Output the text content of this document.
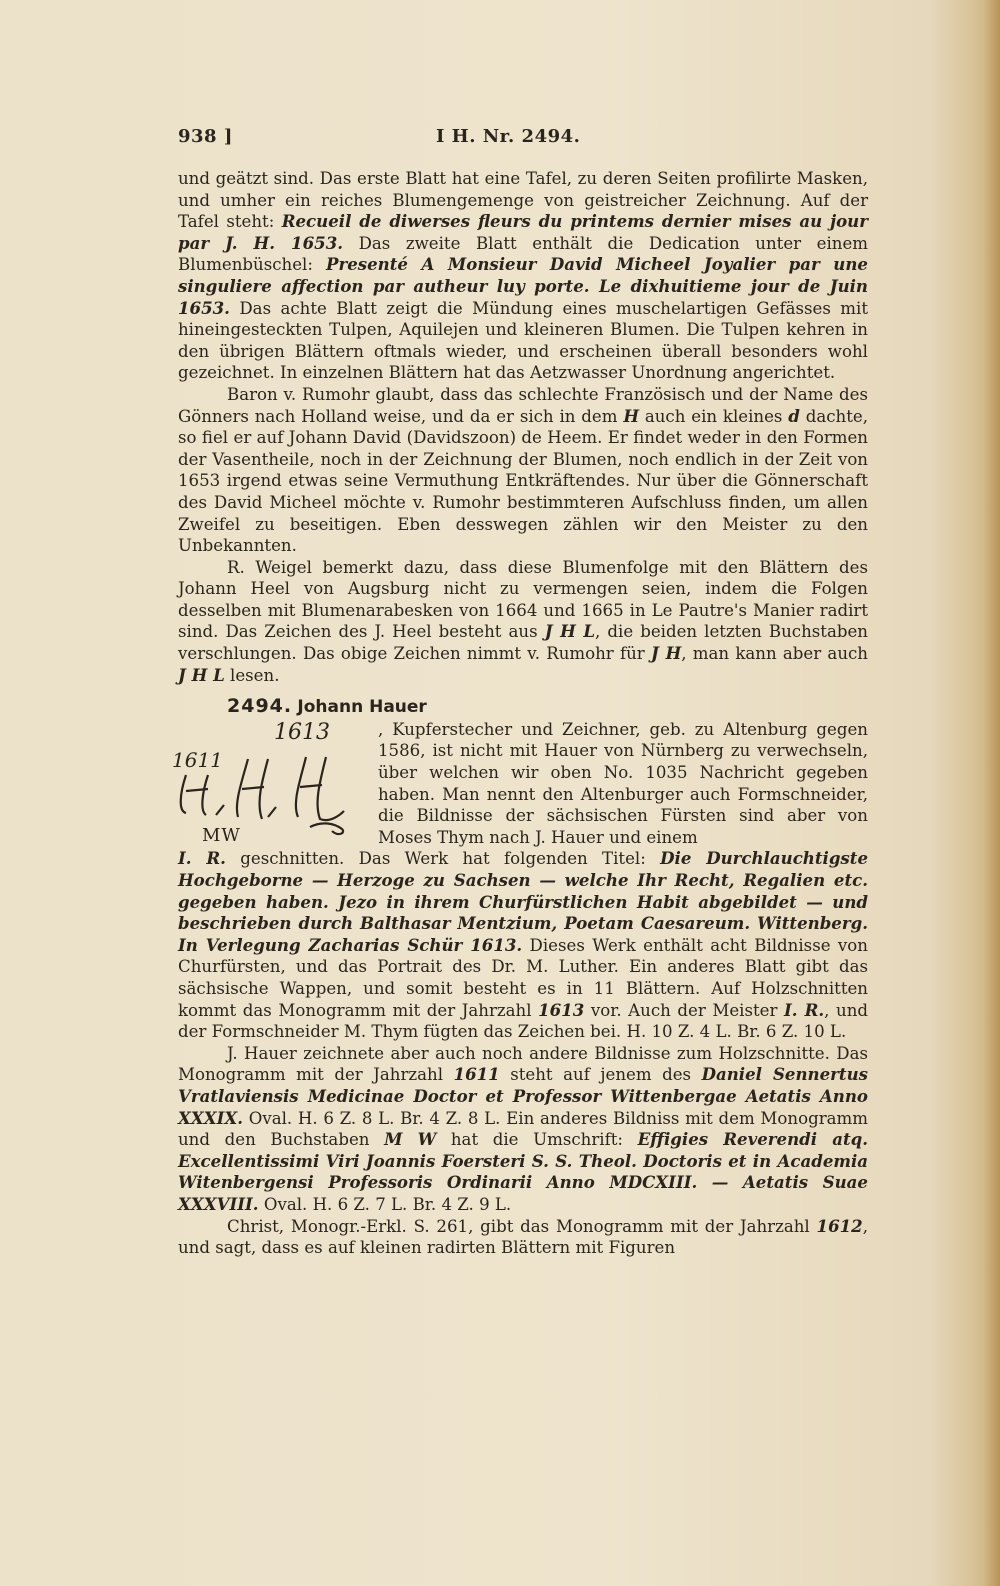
938 ]	I H. Nr. 2494.

und geätzt sind. Das erste Blatt hat eine Tafel, zu deren Seiten profilirte Masken, und umher ein reiches Blumengemenge von geistreicher Zeichnung. Auf der Tafel steht: Recueil de diwerses fleurs du printems dernier mises au jour par J. H. 1653. Das zweite Blatt enthält die Dedication unter einem Blumenbüschel: Presenté A Monsieur David Micheel Joyalier par une singuliere affection par autheur luy porte. Le dixhuitieme jour de Juin 1653. Das achte Blatt zeigt die Mündung eines muschelartigen Gefässes mit hineingesteckten Tulpen, Aquilejen und kleineren Blumen. Die Tulpen kehren in den übrigen Blättern oftmals wieder, und erscheinen überall besonders wohl gezeichnet. In einzelnen Blättern hat das Aetzwasser Unordnung angerichtet.

Baron v. Rumohr glaubt, dass das schlechte Französisch und der Name des Gönners nach Holland weise, und da er sich in dem H auch ein kleines d dachte, so fiel er auf Johann David (Davidszoon) de Heem. Er findet weder in den Formen der Vasentheile, noch in der Zeichnung der Blumen, noch endlich in der Zeit von 1653 irgend etwas seine Vermuthung Entkräftendes. Nur über die Gönnerschaft des David Micheel möchte v. Rumohr bestimmteren Aufschluss finden, um allen Zweifel zu beseitigen. Eben desswegen zählen wir den Meister zu den Unbekannten.

R. Weigel bemerkt dazu, dass diese Blumenfolge mit den Blättern des Johann Heel von Augsburg nicht zu vermengen seien, indem die Folgen desselben mit Blumenarabesken von 1664 und 1665 in Le Pautre's Manier radirt sind. Das Zeichen des J. Heel besteht aus J H L, die beiden letzten Buchstaben verschlungen. Das obige Zeichen nimmt v. Rumohr für J H, man kann aber auch J H L lesen.

2494. Johann Hauer

1613
1611
MW
, Kupferstecher und Zeichner, geb. zu Altenburg gegen 1586, ist nicht mit Hauer von Nürnberg zu verwechseln, über welchen wir oben No. 1035 Nachricht gegeben haben. Man nennt den Altenburger auch Formschneider, die Bildnisse der sächsischen Fürsten sind aber von Moses Thym nach J. Hauer und einem

I. R. geschnitten. Das Werk hat folgenden Titel: Die Durchlauchtigste Hochgeborne — Herzoge zu Sachsen — welche Ihr Recht, Regalien etc. gegeben haben. Jezo in ihrem Churfürstlichen Habit abgebildet — und beschrieben durch Balthasar Mentzium, Poetam Caesareum. Wittenberg. In Verlegung Zacharias Schür 1613. Dieses Werk enthält acht Bildnisse von Churfürsten, und das Portrait des Dr. M. Luther. Ein anderes Blatt gibt das sächsische Wappen, und somit besteht es in 11 Blättern. Auf Holzschnitten kommt das Monogramm mit der Jahrzahl 1613 vor. Auch der Meister I. R., und der Formschneider M. Thym fügten das Zeichen bei. H. 10 Z. 4 L. Br. 6 Z. 10 L.

J. Hauer zeichnete aber auch noch andere Bildnisse zum Holzschnitte. Das Monogramm mit der Jahrzahl 1611 steht auf jenem des Daniel Sennertus Vratlaviensis Medicinae Doctor et Professor Wittenbergae Aetatis Anno XXXIX. Oval. H. 6 Z. 8 L. Br. 4 Z. 8 L. Ein anderes Bildniss mit dem Monogramm und den Buchstaben M W hat die Umschrift: Effigies Reverendi atq. Excellentissimi Viri Joannis Foersteri S. S. Theol. Doctoris et in Academia Witenbergensi Professoris Ordinarii Anno MDCXIII. — Aetatis Suae XXXVIII. Oval. H. 6 Z. 7 L. Br. 4 Z. 9 L.

Christ, Monogr.-Erkl. S. 261, gibt das Monogramm mit der Jahrzahl 1612, und sagt, dass es auf kleinen radirten Blättern mit Figuren
